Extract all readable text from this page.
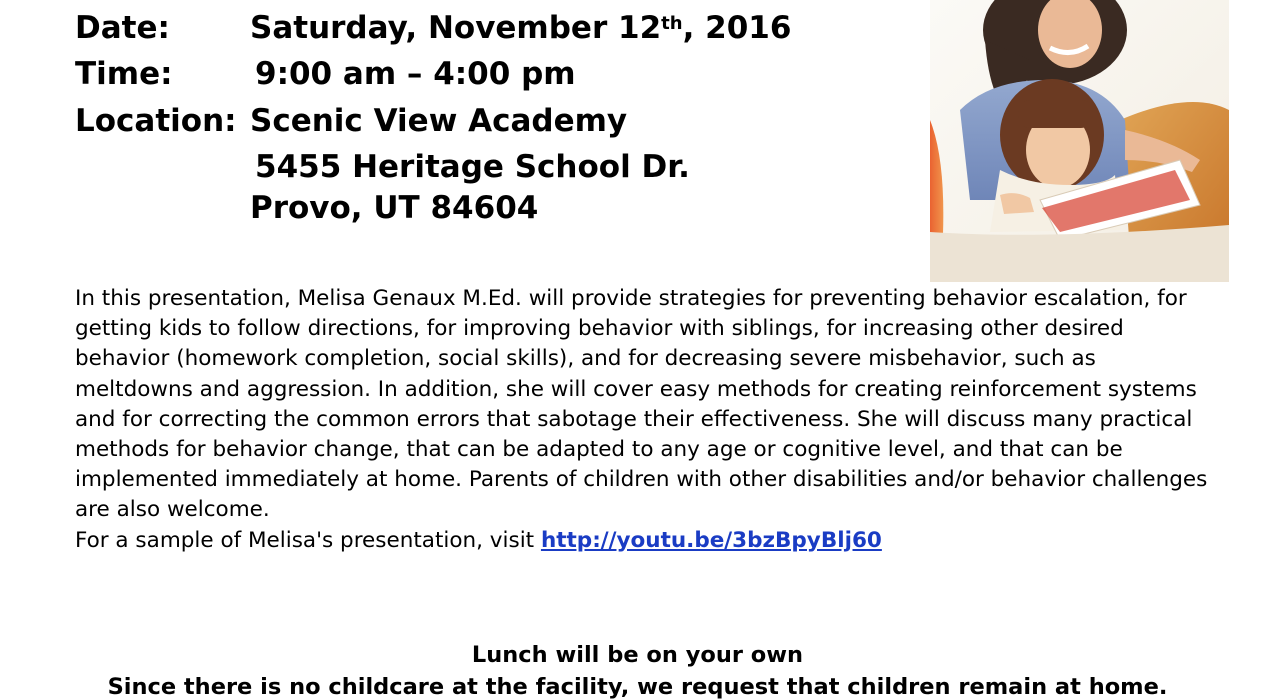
Date:	Saturday, November 12th, 2016
Time:	9:00 am – 4:00 pm
Location: Scenic View Academy
5455 Heritage School Dr.
Provo, UT 84604

In this presentation, Melisa Genaux M.Ed. will provide strategies for preventing behavior escalation, for getting kids to follow directions, for improving behavior with siblings, for increasing other desired behavior (homework completion, social skills), and for decreasing severe misbehavior, such as meltdowns and aggression. In addition, she will cover easy methods for creating reinforcement systems and for correcting the common errors that sabotage their effectiveness. She will discuss many practical methods for behavior change, that can be adapted to any age or cognitive level, and that can be implemented immediately at home. Parents of children with other disabilities and/or behavior challenges are also welcome.

For a sample of Melisa's presentation, visit http://youtu.be/3bzBpyBlj60

Lunch will be on your own
Since there is no childcare at the facility, we request that children remain at home.
